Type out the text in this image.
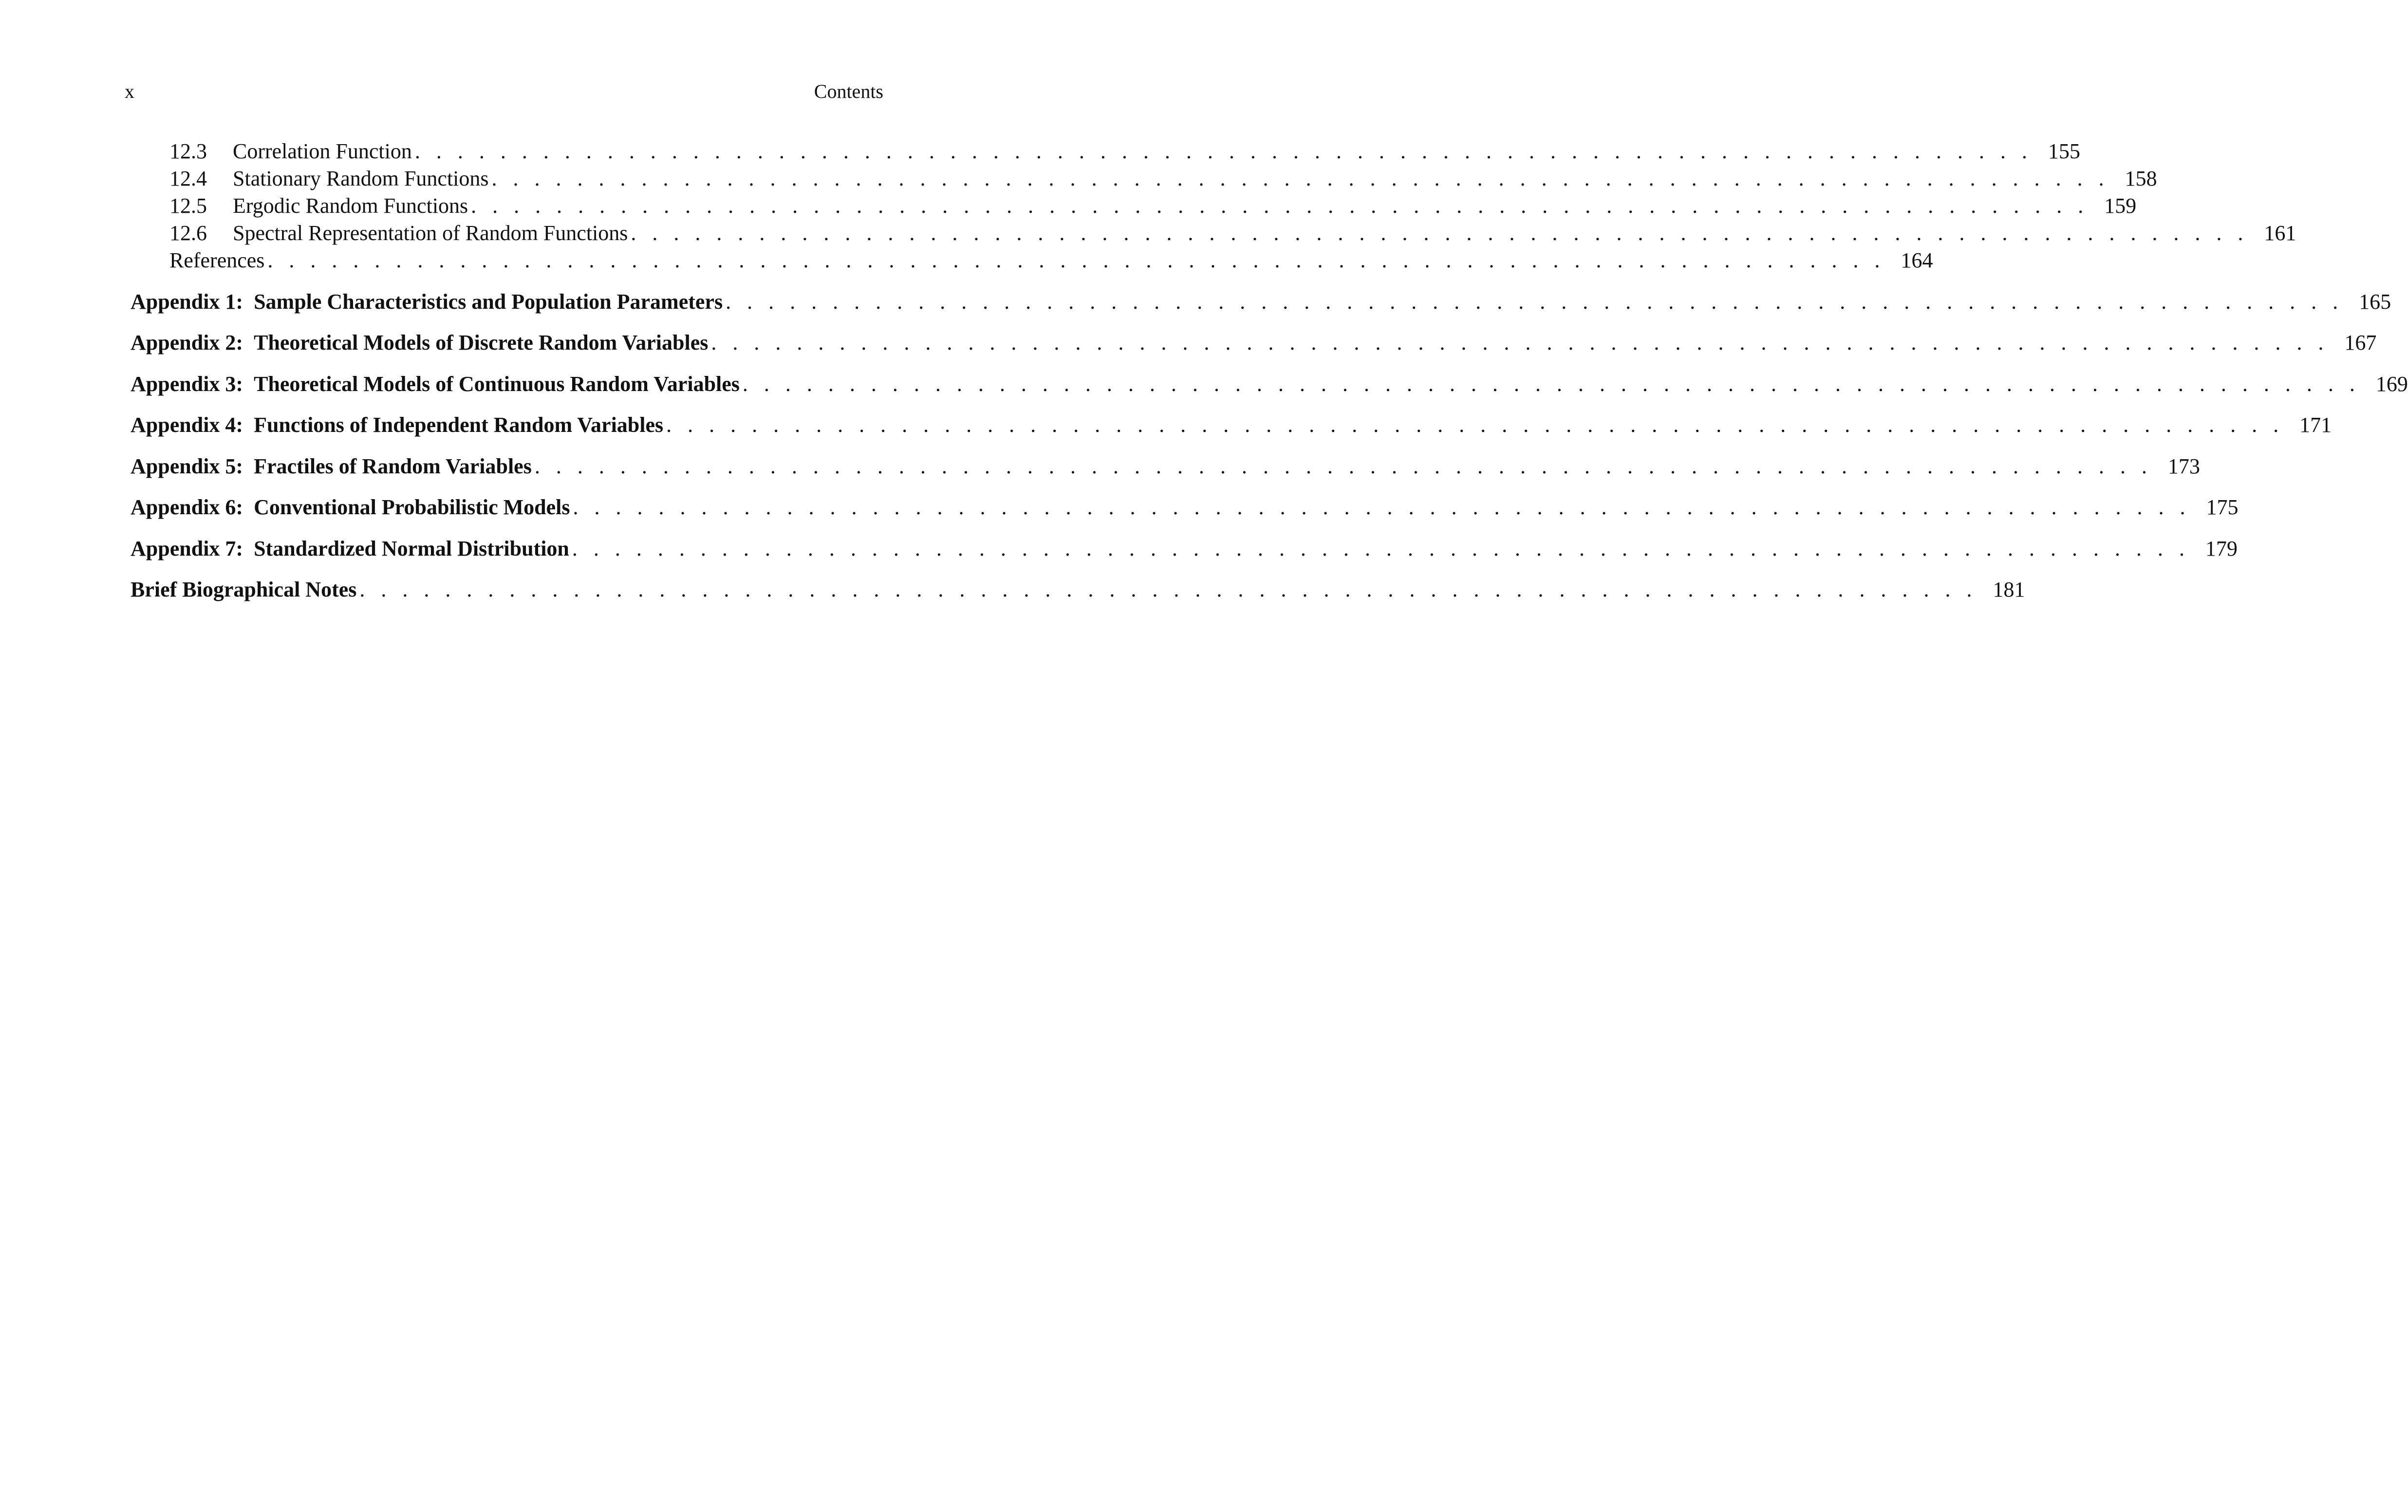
x	Contents
12.3	Correlation Function . . . . . . . . . . . . . . . . . . . . . . . . . . . . . . . . . . . . . . . . . . . . . . . . . . . . . . . . . . . . . . . . . . . . . . . . . . . . 155
12.4	Stationary Random Functions . . . . . . . . . . . . . . . . . . . . . . . . . . . . . . . . . . . . . . . . . . . . . . . . . . . . . . . . . . . . . . . . . . . . . . . . . . . . 158
12.5	Ergodic Random Functions . . . . . . . . . . . . . . . . . . . . . . . . . . . . . . . . . . . . . . . . . . . . . . . . . . . . . . . . . . . . . . . . . . . . . . . . . . . . 159
12.6	Spectral Representation of Random Functions . . . . . . . . . . . . . . . . . . . . . . . . . . . . . . . . . . . . . . . . . . . . . . . . . . . . . . . . . . . . . . . . . . . . . . . . . . . . 161
References . . . . . . . . . . . . . . . . . . . . . . . . . . . . . . . . . . . . . . . . . . . . . . . . . . . . . . . . . . . . . . . . . . . . . . . . . . . . 164
Appendix 1: Sample Characteristics and Population Parameters . . . . . . . . . . . . . . . . . . . . . . . . . . . . . . . . . . . . . . . . . . . . . . . . . . . . . . . . . . . . . . . . . . . . . . . . . . . . 165
Appendix 2: Theoretical Models of Discrete Random Variables . . . . . . . . . . . . . . . . . . . . . . . . . . . . . . . . . . . . . . . . . . . . . . . . . . . . . . . . . . . . . . . . . . . . . . . . . . . . 167
Appendix 3: Theoretical Models of Continuous Random Variables . . . . . . . . . . . . . . . . . . . . . . . . . . . . . . . . . . . . . . . . . . . . . . . . . . . . . . . . . . . . . . . . . . . . . . . . . . . . 169
Appendix 4: Functions of Independent Random Variables . . . . . . . . . . . . . . . . . . . . . . . . . . . . . . . . . . . . . . . . . . . . . . . . . . . . . . . . . . . . . . . . . . . . . . . . . . . . 171
Appendix 5: Fractiles of Random Variables . . . . . . . . . . . . . . . . . . . . . . . . . . . . . . . . . . . . . . . . . . . . . . . . . . . . . . . . . . . . . . . . . . . . . . . . . . . . 173
Appendix 6: Conventional Probabilistic Models . . . . . . . . . . . . . . . . . . . . . . . . . . . . . . . . . . . . . . . . . . . . . . . . . . . . . . . . . . . . . . . . . . . . . . . . . . . . 175
Appendix 7: Standardized Normal Distribution . . . . . . . . . . . . . . . . . . . . . . . . . . . . . . . . . . . . . . . . . . . . . . . . . . . . . . . . . . . . . . . . . . . . . . . . . . . . 179
Brief Biographical Notes . . . . . . . . . . . . . . . . . . . . . . . . . . . . . . . . . . . . . . . . . . . . . . . . . . . . . . . . . . . . . . . . . . . . . . . . . . . . 181
